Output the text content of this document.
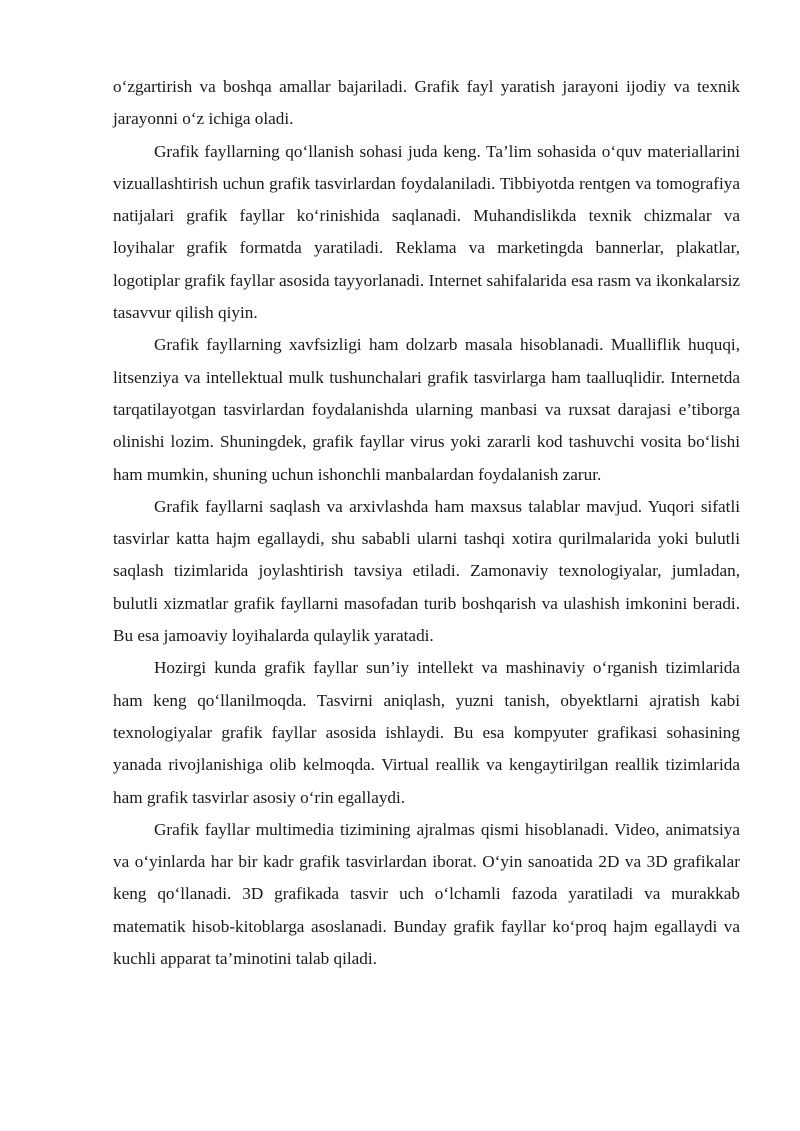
o‘zgartirish va boshqa amallar bajariladi. Grafik fayl yaratish jarayoni ijodiy va texnik jarayonni o‘z ichiga oladi.

Grafik fayllarning qo‘llanish sohasi juda keng. Ta’lim sohasida o‘quv materiallarini vizuallashtirish uchun grafik tasvirlardan foydalaniladi. Tibbiyotda rentgen va tomografiya natijalari grafik fayllar ko‘rinishida saqlanadi. Muhandislikda texnik chizmalar va loyihalar grafik formatda yaratiladi. Reklama va marketingda bannerlar, plakatlar, logotiplar grafik fayllar asosida tayyorlanadi. Internet sahifalarida esa rasm va ikonkalarsiz tasavvur qilish qiyin.

Grafik fayllarning xavfsizligi ham dolzarb masala hisoblanadi. Mualliflik huquqi, litsenziya va intellektual mulk tushunchalari grafik tasvirlarga ham taalluqlidir. Internetda tarqatilayotgan tasvirlardan foydalanishda ularning manbasi va ruxsat darajasi e’tiborga olinishi lozim. Shuningdek, grafik fayllar virus yoki zararli kod tashuvchi vosita bo‘lishi ham mumkin, shuning uchun ishonchli manbalardan foydalanish zarur.

Grafik fayllarni saqlash va arxivlashda ham maxsus talablar mavjud. Yuqori sifatli tasvirlar katta hajm egallaydi, shu sababli ularni tashqi xotira qurilmalarida yoki bulutli saqlash tizimlarida joylashtirish tavsiya etiladi. Zamonaviy texnologiyalar, jumladan, bulutli xizmatlar grafik fayllarni masofadan turib boshqarish va ulashish imkonini beradi. Bu esa jamoaviy loyihalarda qulaylik yaratadi.

Hozirgi kunda grafik fayllar sun’iy intellekt va mashinaviy o‘rganish tizimlarida ham keng qo‘llanilmoqda. Tasvirni aniqlash, yuzni tanish, obyektlarni ajratish kabi texnologiyalar grafik fayllar asosida ishlaydi. Bu esa kompyuter grafikasi sohasining yanada rivojlanishiga olib kelmoqda. Virtual reallik va kengaytirilgan reallik tizimlarida ham grafik tasvirlar asosiy o‘rin egallaydi.

Grafik fayllar multimedia tizimining ajralmas qismi hisoblanadi. Video, animatsiya va o‘yinlarda har bir kadr grafik tasvirlardan iborat. O‘yin sanoatida 2D va 3D grafikalar keng qo‘llanadi. 3D grafikada tasvir uch o‘lchamli fazoda yaratiladi va murakkab matematik hisob-kitoblarga asoslanadi. Bunday grafik fayllar ko‘proq hajm egallaydi va kuchli apparat ta’minotini talab qiladi.
